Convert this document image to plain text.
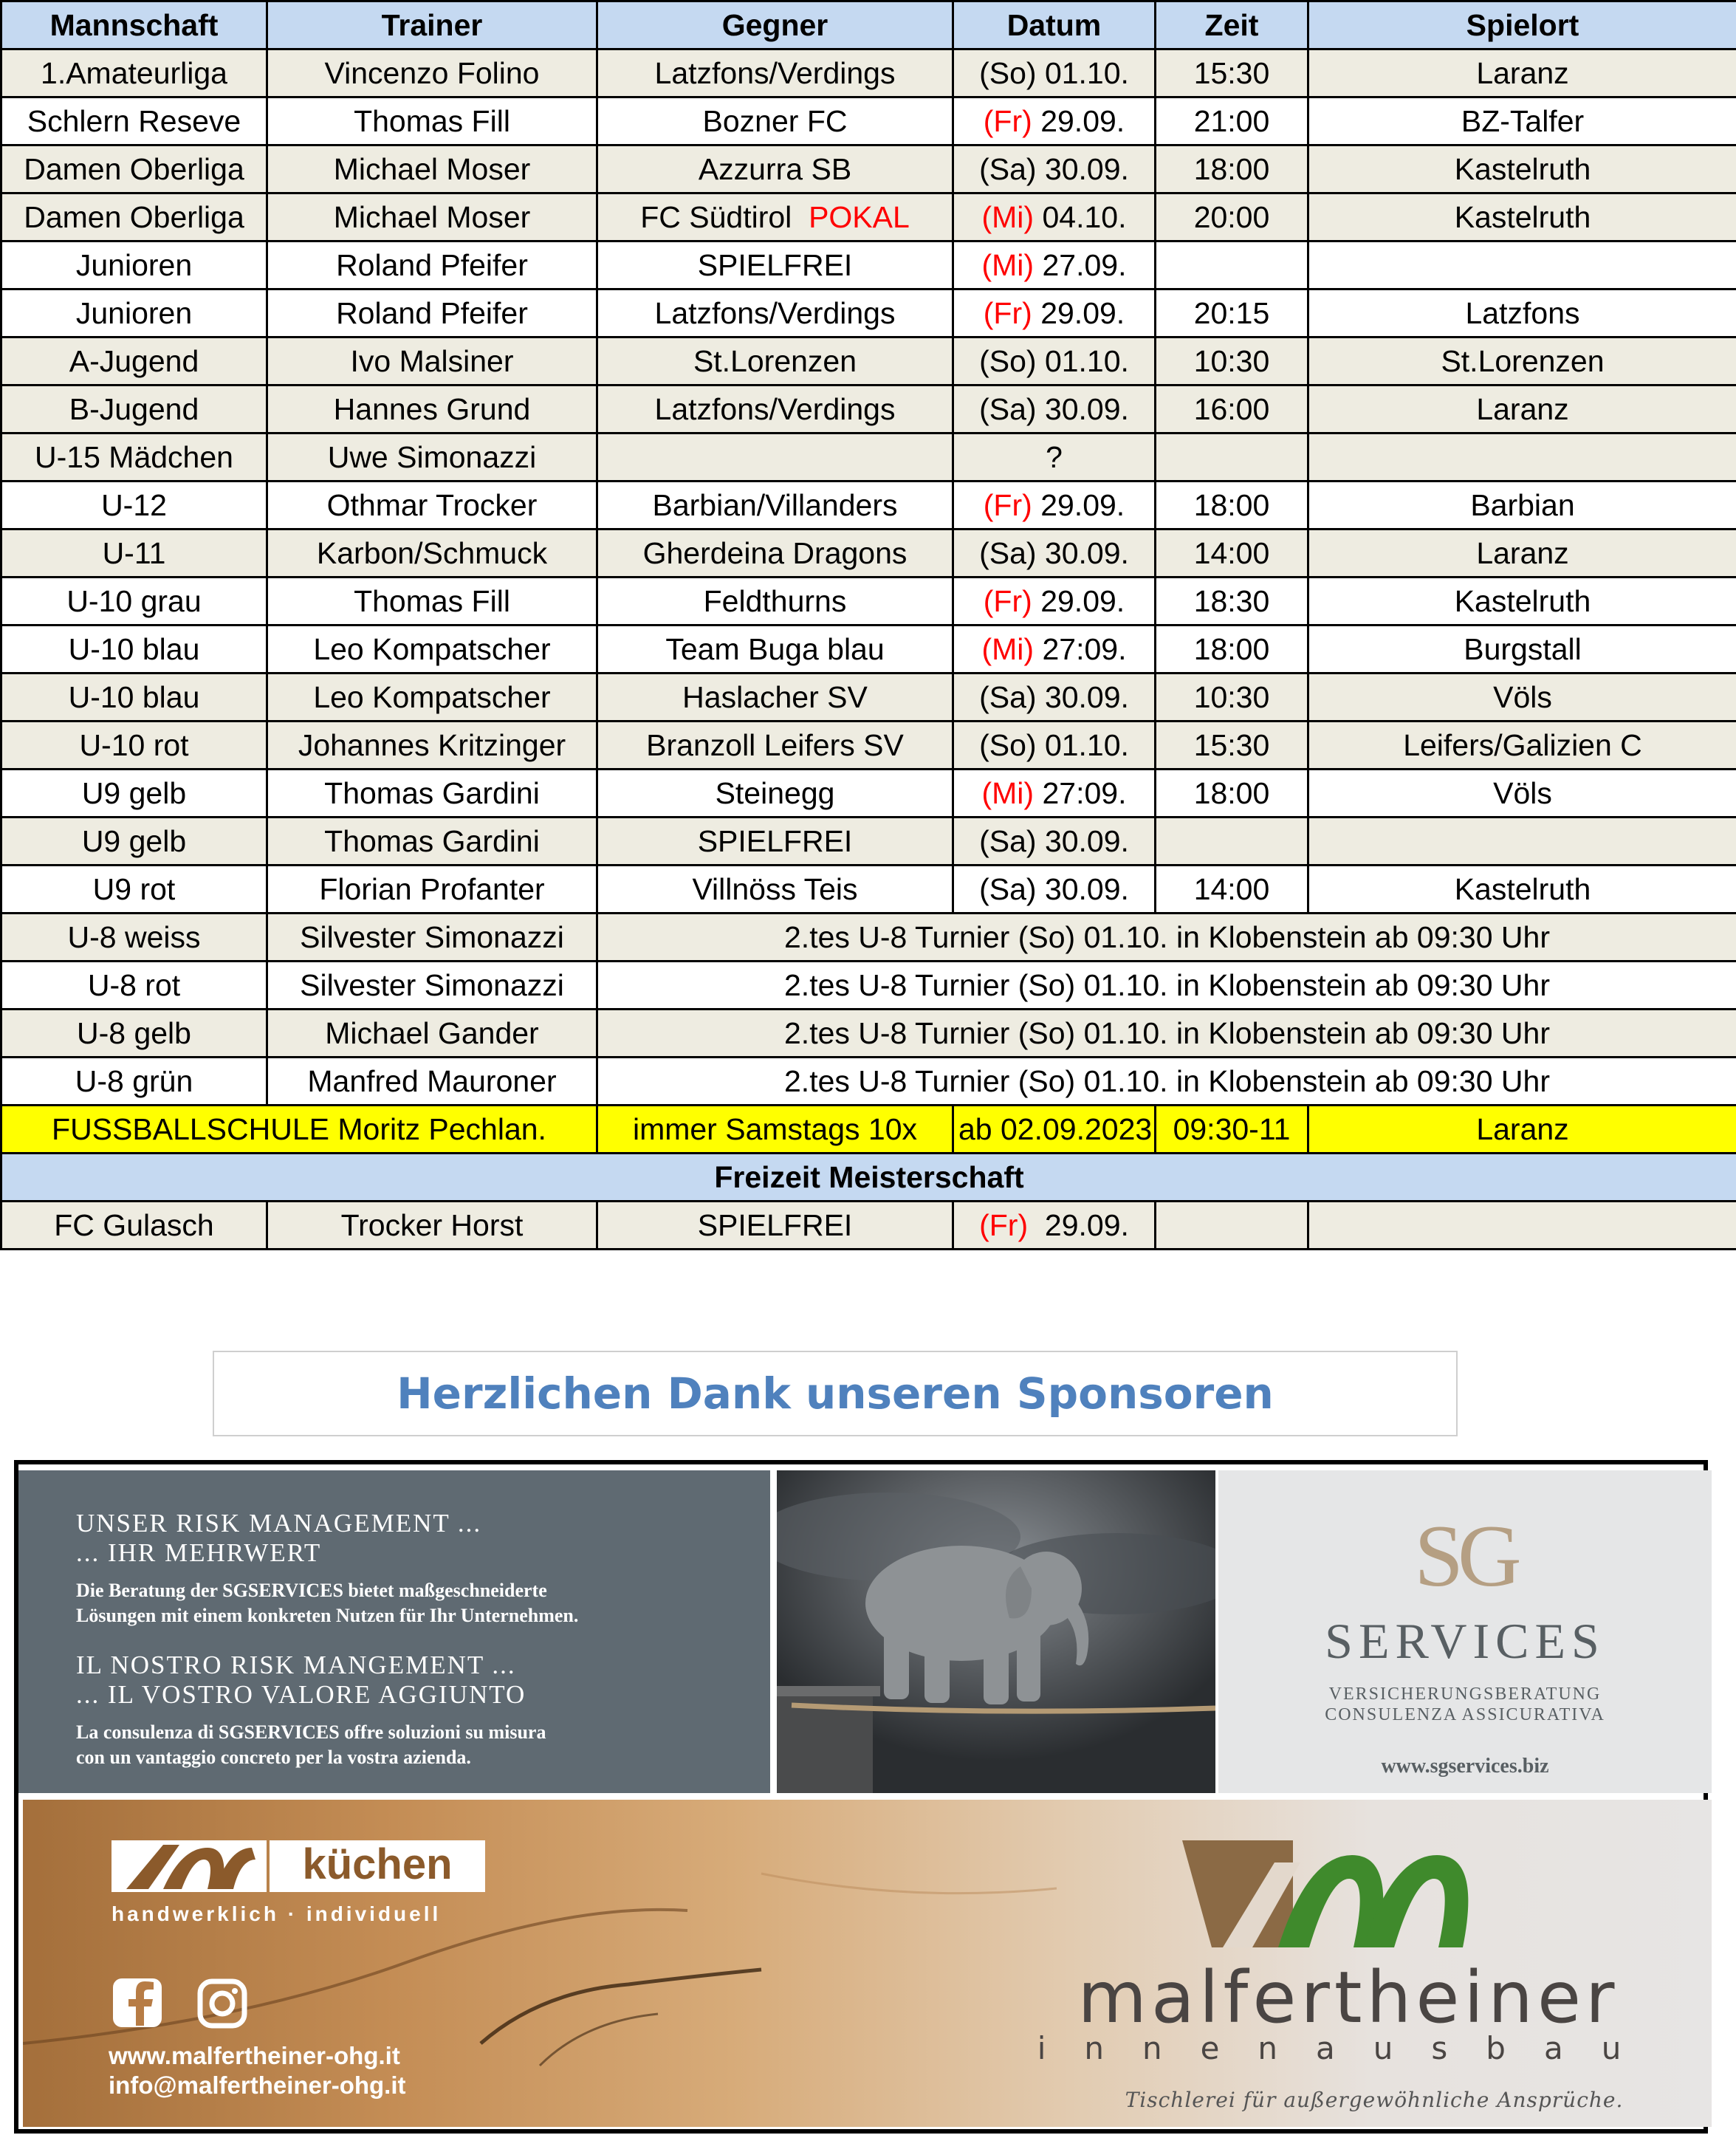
Mannschaft	Trainer	Gegner	Datum	Zeit	Spielort
1.Amateurliga	Vincenzo Folino	Latzfons/Verdings	(So) 01.10.	15:30	Laranz
Schlern Reseve	Thomas Fill	Bozner FC	(Fr) 29.09.	21:00	BZ-Talfer
Damen Oberliga	Michael Moser	Azzurra SB	(Sa) 30.09.	18:00	Kastelruth
Damen Oberliga	Michael Moser	FC Südtirol POKAL	(Mi) 04.10.	20:00	Kastelruth
Junioren	Roland Pfeifer	SPIELFREI	(Mi) 27.09.		
Junioren	Roland Pfeifer	Latzfons/Verdings	(Fr) 29.09.	20:15	Latzfons
A-Jugend	Ivo Malsiner	St.Lorenzen	(So) 01.10.	10:30	St.Lorenzen
B-Jugend	Hannes Grund	Latzfons/Verdings	(Sa) 30.09.	16:00	Laranz
U-15 Mädchen	Uwe Simonazzi		?		
U-12	Othmar Trocker	Barbian/Villanders	(Fr) 29.09.	18:00	Barbian
U-11	Karbon/Schmuck	Gherdeina Dragons	(Sa) 30.09.	14:00	Laranz
U-10 grau	Thomas Fill	Feldthurns	(Fr) 29.09.	18:30	Kastelruth
U-10 blau	Leo Kompatscher	Team Buga blau	(Mi) 27:09.	18:00	Burgstall
U-10 blau	Leo Kompatscher	Haslacher SV	(Sa) 30.09.	10:30	Völs
U-10 rot	Johannes Kritzinger	Branzoll Leifers SV	(So) 01.10.	15:30	Leifers/Galizien C
U9 gelb	Thomas Gardini	Steinegg	(Mi) 27:09.	18:00	Völs
U9 gelb	Thomas Gardini	SPIELFREI	(Sa) 30.09.		
U9 rot	Florian Profanter	Villnöss Teis	(Sa) 30.09.	14:00	Kastelruth
U-8 weiss	Silvester Simonazzi	2.tes U-8 Turnier (So) 01.10. in Klobenstein ab 09:30 Uhr			
U-8 rot	Silvester Simonazzi	2.tes U-8 Turnier (So) 01.10. in Klobenstein ab 09:30 Uhr			
U-8 gelb	Michael Gander	2.tes U-8 Turnier (So) 01.10. in Klobenstein ab 09:30 Uhr			
U-8 grün	Manfred Mauroner	2.tes U-8 Turnier (So) 01.10. in Klobenstein ab 09:30 Uhr			
FUSSBALLSCHULE Moritz Pechlan.		immer Samstags 10x	ab 02.09.2023	09:30-11	Laranz
Freizeit Meisterschaft					
FC Gulasch	Trocker Horst	SPIELFREI	(Fr) 29.09.		
Herzlichen Dank unseren Sponsoren
UNSER RISK MANAGEMENT ...
... IHR MEHRWERT
Die Beratung der SGSERVICES bietet maßgeschneiderte
Lösungen mit einem konkreten Nutzen für Ihr Unternehmen.
IL NOSTRO RISK MANGEMENT ...
... IL VOSTRO VALORE AGGIUNTO
La consulenza di SGSERVICES offre soluzioni su misura
con un vantaggio concreto per la vostra azienda.
SG
SERVICES
VERSICHERUNGSBERATUNG
CONSULENZA ASSICURATIVA
www.sgservices.biz
küchen
handwerklich · individuell
www.malfertheiner-ohg.it
info@malfertheiner-ohg.it
malfertheiner
innenausbau
Tischlerei für außergewöhnliche Ansprüche.
